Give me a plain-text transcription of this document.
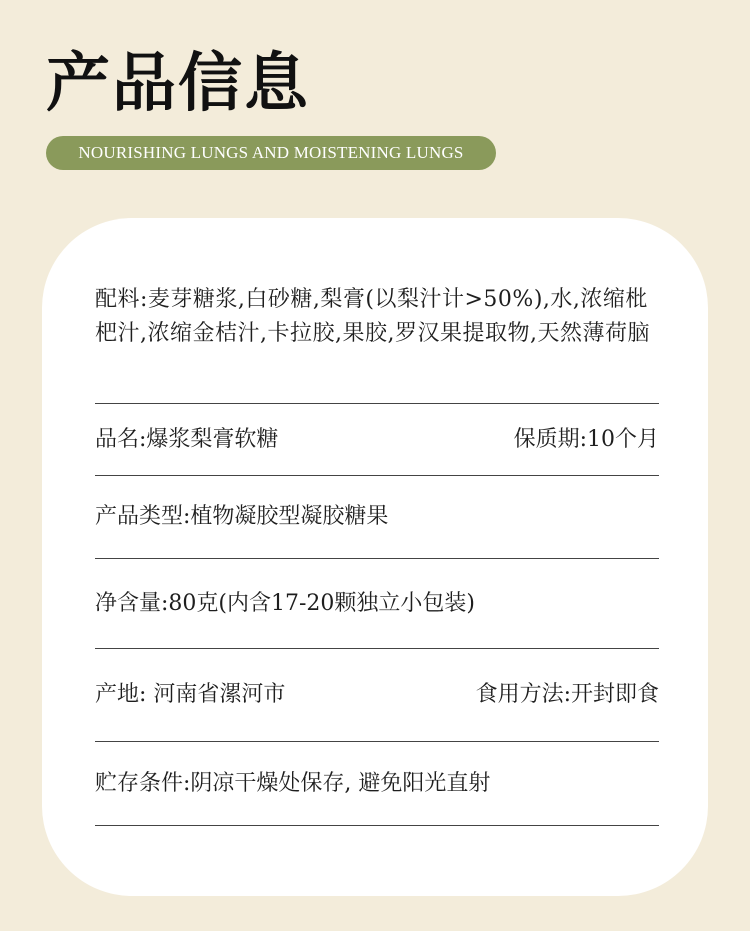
产品信息
NOURISHING LUNGS AND MOISTENING LUNGS
配料:麦芽糖浆,白砂糖,梨膏(以梨汁计>50%),水,浓缩枇杷汁,浓缩金桔汁,卡拉胶,果胶,罗汉果提取物,天然薄荷脑
品名:爆浆梨膏软糖	保质期:10个月
产品类型:植物凝胶型凝胶糖果
净含量:80克(内含17-20颗独立小包装)
产地: 河南省漯河市	食用方法:开封即食
贮存条件:阴凉干燥处保存, 避免阳光直射
